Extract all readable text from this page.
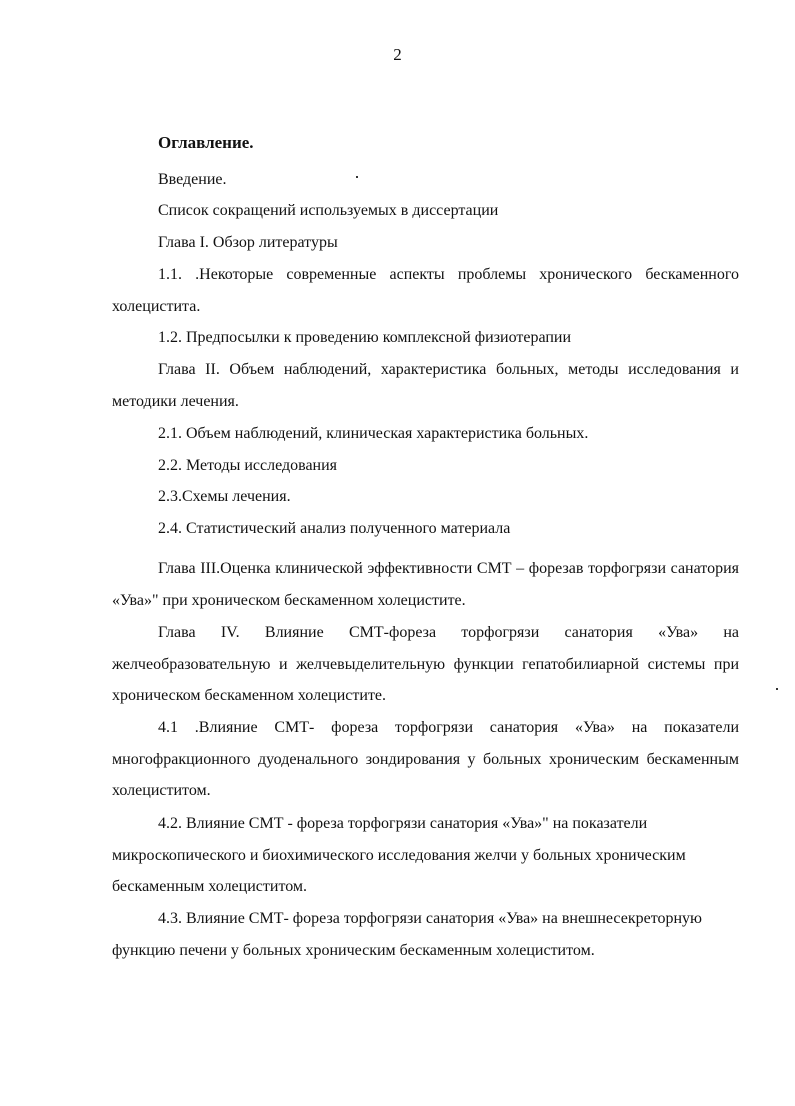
2
Оглавление.
Введение.
Список сокращений используемых в диссертации
Глава I. Обзор литературы
1.1. .Некоторые современные аспекты проблемы хронического бескаменного холецистита.
1.2. Предпосылки к проведению комплексной физиотерапии
Глава II. Объем наблюдений, характеристика больных, методы исследования и методики лечения.
2.1. Объем наблюдений, клиническая характеристика больных.
2.2. Методы исследования
2.3.Схемы лечения.
2.4. Статистический анализ полученного материала
Глава III.Оценка клинической эффективности СМТ – форезав торфогрязи санатория «Ува»" при хроническом бескаменном холецистите.
Глава IV. Влияние СМТ-фореза торфогрязи санатория «Ува» на желчеобразовательную и желчевыделительную функции гепатобилиарной системы при хроническом бескаменном холецистите.
4.1 .Влияние СМТ- фореза торфогрязи санатория «Ува» на показатели многофракционного дуоденального зондирования у больных хроническим бескаменным холециститом.
4.2. Влияние СМТ - фореза торфогрязи санатория «Ува»" на показатели микроскопического и биохимического исследования желчи у больных хроническим бескаменным холециститом.
4.3. Влияние СМТ- фореза торфогрязи санатория «Ува» на внешнесекреторную функцию печени у больных хроническим бескаменным холециститом.
